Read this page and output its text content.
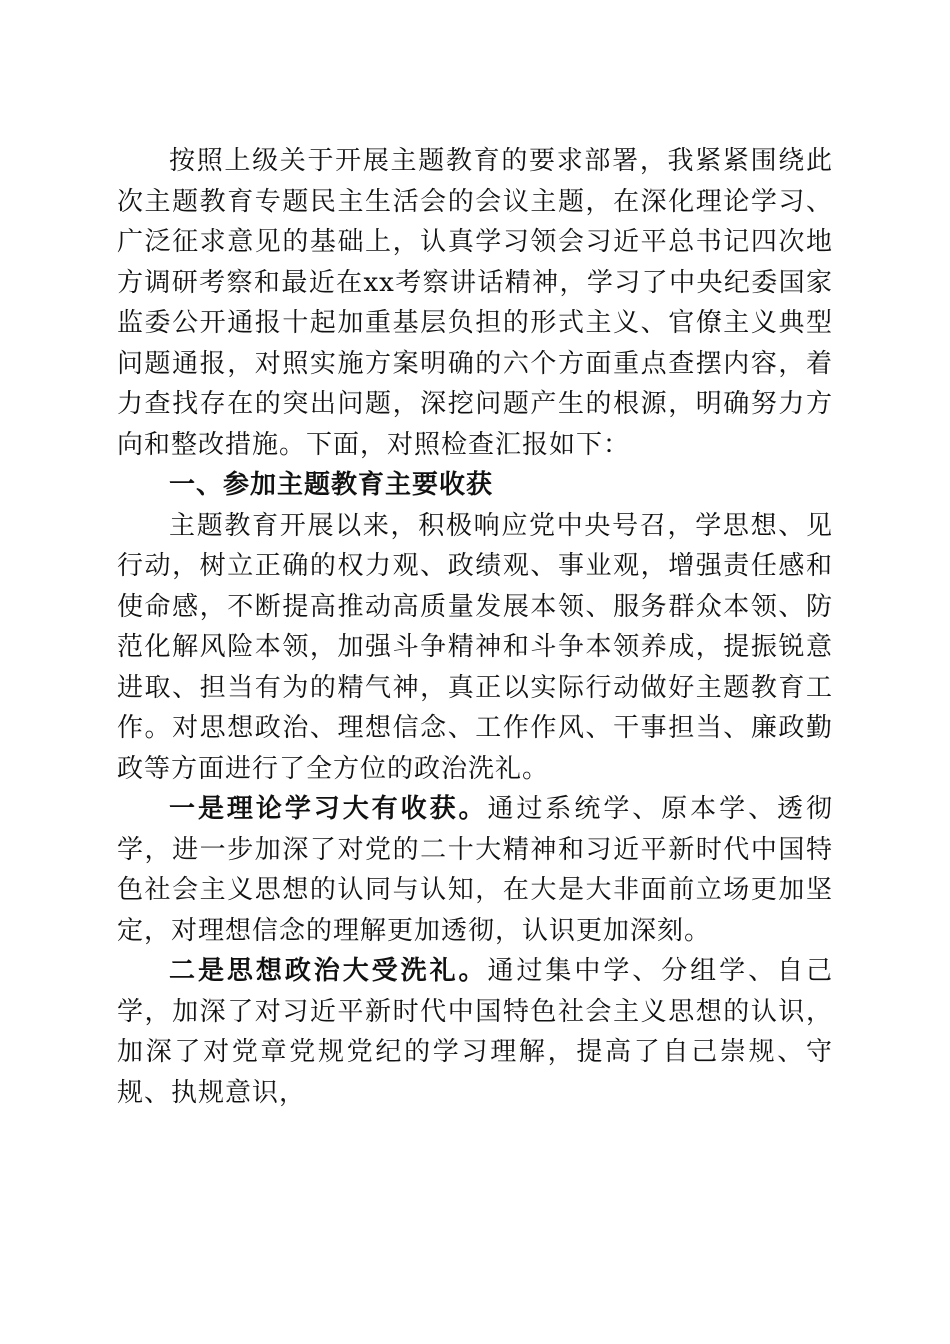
按照上级关于开展主题教育的要求部署，我紧紧围绕此次主题教育专题民主生活会的会议主题，在深化理论学习、广泛征求意见的基础上，认真学习领会习近平总书记四次地方调研考察和最近在xx考察讲话精神，学习了中央纪委国家监委公开通报十起加重基层负担的形式主义、官僚主义典型问题通报，对照实施方案明确的六个方面重点查摆内容，着力查找存在的突出问题，深挖问题产生的根源，明确努力方向和整改措施。下面，对照检查汇报如下：

一、参加主题教育主要收获

主题教育开展以来，积极响应党中央号召，学思想、见行动，树立正确的权力观、政绩观、事业观，增强责任感和使命感，不断提高推动高质量发展本领、服务群众本领、防范化解风险本领，加强斗争精神和斗争本领养成，提振锐意进取、担当有为的精气神，真正以实际行动做好主题教育工作。对思想政治、理想信念、工作作风、干事担当、廉政勤政等方面进行了全方位的政治洗礼。

一是理论学习大有收获。通过系统学、原本学、透彻学，进一步加深了对党的二十大精神和习近平新时代中国特色社会主义思想的认同与认知，在大是大非面前立场更加坚定，对理想信念的理解更加透彻，认识更加深刻。

二是思想政治大受洗礼。通过集中学、分组学、自己学，加深了对习近平新时代中国特色社会主义思想的认识，加深了对党章党规党纪的学习理解，提高了自己崇规、守规、执规意识，
